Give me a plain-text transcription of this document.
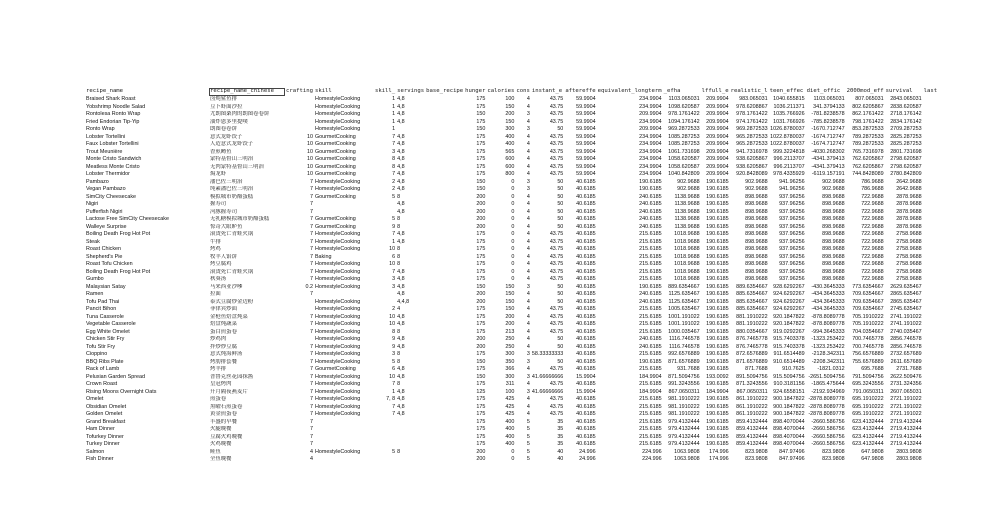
recipe_name	recipe_name_chinese	crafting	skill	skill_	servings	base_recipe	hunger	calories	cons	instant_e	aftereffe	equivalent_longterm	_efha	lffull_e	realistic_l	teen_effec	diet_offic	2000mod_eff	survival	last
Braised Shark Roast	卤炖鲨鱼排		HomestyleCooking	1	4,8		175	100	4	43.75	59.9904	234.9904	1103.065031	209.9904	983.065031	1040.655815	1103.065031	807.065031	2843.065031	
Yobshrimp Noodle Salad	豆卜虾面沙拉		HomestyleCooking	1	4,8		175	150	4	43.75	59.9904	234.9904	1098.620587	209.9904	978.6208867	1036.211371	341.3794133	802.6205867	2838.620587	
Rontolesa Ronto Wrap	尤朗图桑肉的朗图卷卷饼		HomestyleCooking	1	4,8		150	200	3	43.75	59.9904	209.9904	978.1761422	209.9904	978.1761422	1035.766926	-781.8238578	862.1761422	2718.176142	
Fried Endorian Tip-Yip	油炸恩多里提噗		HomestyleCooking	1	4,8		175	150	4	43.75	59.9904	234.9904	1094.176142	209.9904	974.1761422	1031.766926	-785.8238578	798.1761422	2834.176142	
Ronto Wrap	朗图卷卷饼		HomestyleCooking	1			150	300	3	50	59.9904	209.9904	969.2872533	209.9904	969.2872533	1026.8780037	-1670.712747	853.2872533	2709.287253	
Lobster Tortellini	意式龙虾饺子	10	GourmetCooking	7	4,8		175	400	4	43.75	59.9904	234.9904	1085.287253	209.9904	965.2872533	1022.8780037	-1674.712747	789.2872533	2825.287253	
Faux Lobster Tortellini	人造意式龙虾饺子	10	GourmetCooking	7	4,8		175	400	4	43.75	59.9904	234.9904	1085.287253	209.9904	965.2872533	1022.8780037	-1674.712747	789.2872533	2825.287253	
Trout Meunière	香煎鳟鱼	10	GourmetCooking	3	4,8		175	565	4	43.75	59.9904	234.9904	1061.731698	209.9904	941.7316978	999.3224818	-4030.268302	765.7316978	2801.731698	
Monte Cristo Sandwich	蒙特基督山三明治	10	GourmetCooking	8	4,8		175	600	4	43.75	59.9904	234.9904	1058.620587	209.9904	938.6205867	996.2113707	-4341.379413	762.6205867	2798.620587	
Meatless Monte Cristo	无肉蒙特基督山三明治	10	GourmetCooking	8	4,8		175	600	4	43.75	59.9904	234.9904	1058.620587	209.9904	938.6205867	996.2113707	-4341.379413	762.6205867	2798.620587	
Lobster Thermidor	焗龙虾	10	GourmetCooking	7	4,8		175	800	4	43.75	59.9904	234.9904	1040.842809	209.9904	920.8428089	978.4335929	-6119.157191	744.8428089	2780.842809	
Pambazo	潘巴佐三明治	7	HomestyleCooking	2	4,8		150	0	3	50	40.6185	190.6185	902.9688	190.6185	902.9688	941.96256	902.9688	786.9688	2642.9688	
Vegan Pambazo	纯素潘巴佐三明治	7	HomestyleCooking	2	4,8		150	0	3	50	40.6185	190.6185	902.9688	190.6185	902.9688	941.96256	902.9688	786.9688	2642.9688	
SimCity Cheesecake	模拟城市奶酪蛋糕	7	GourmetCooking	5	8		200	0	4	50	40.6185	240.6185	1138.9688	190.6185	898.9688	937.96256	898.9688	722.9688	2878.9688	
Nigiri	握寿司	7			4,8		200	0	4	50	40.6185	240.6185	1138.9688	190.6185	898.9688	937.96256	898.9688	722.9688	2878.9688	
Pufferfish Nigiri	河豚握寿司	7			4,8		200	0	4	50	40.6185	240.6185	1138.9688	190.6185	898.9688	937.96256	898.9688	722.9688	2878.9688	
Lactose Free SimCity Cheesecake	无乳糖模拟城市奶酪蛋糕	7	GourmetCooking	5	8		200	0	4	50	40.6185	240.6185	1138.9688	190.6185	898.9688	937.96256	898.9688	722.9688	2878.9688	
Walleye Surprise	惊奇大眼鲈鱼	7	GourmetCooking	9	8		200	0	4	50	40.6185	240.6185	1138.9688	190.6185	898.9688	937.96256	898.9688	722.9688	2878.9688	
Boiling Death Frog Hot Pot	滚烫死亡青蛙火锅	7	HomestyleCooking	7	4,8		175	0	4	43.75	40.6185	215.6185	1018.9688	190.6185	898.9688	937.96256	898.9688	722.9688	2758.9688	
Steak	牛排	7	HomestyleCooking	1	4,8		175	0	4	43.75	40.6185	215.6185	1018.9688	190.6185	898.9688	937.96256	898.9688	722.9688	2758.9688	
Roast Chicken	烤鸡	7	HomestyleCooking	10	8		175	0	4	43.75	40.6185	215.6185	1018.9688	190.6185	898.9688	937.96256	898.9688	722.9688	2758.9688	
Shepherd's Pie	牧羊人馅饼	7	Baking	6	8		175	0	4	43.75	40.6185	215.6185	1018.9688	190.6185	898.9688	937.96256	898.9688	722.9688	2758.9688	
Roast Tofu Chicken	烤豆腐鸡	7	HomestyleCooking	10	8		175	0	4	43.75	40.6185	215.6185	1018.9688	190.6185	898.9688	937.96256	898.9688	722.9688	2758.9688	
Boiling Death Frog Hot Pot	滚烫死亡青蛙火锅	7	HomestyleCooking	7	4,8		175	0	4	43.75	40.6185	215.6185	1018.9688	190.6185	898.9688	937.96256	898.9688	722.9688	2758.9688	
Gumbo	秋葵汤	7	HomestyleCooking	3	4,8		175	0	4	43.75	40.6185	215.6185	1018.9688	190.6185	898.9688	937.96256	898.9688	722.9688	2758.9688	
Malaysian Satay	马来西亚沙嗲	0.2	HomestyleCooking	3	4,8		150	150	3	50	40.6185	190.6185	889.6354667	190.6185	889.6354667	928.6292267	-430.3645333	773.6354667	2629.635467	
Ramen	拉面	7			4,8		200	150	4	50	40.6185	240.6185	1125.635467	190.6185	885.6354667	924.6292267	-434.3645333	709.6354667	2865.635467	
Tofu Pad Thai	泰式豆腐炒金边粉		HomestyleCooking		4,4,8		200	150	4	50	40.6185	240.6185	1125.635467	190.6185	885.6354667	924.6292267	-434.3645333	709.6354667	2865.635467	
Pancit Bihon	菲律宾炒面		HomestyleCooking	2	4		175	150	4	43.75	40.6185	215.6185	1005.635467	190.6185	885.6354667	924.6292267	-434.3645333	709.6354667	2745.635467	
Tuna Casserole	金枪鱼焙盘炖菜	7	HomestyleCooking	10	4,8		175	200	4	43.75	40.6185	215.6185	1001.191022	190.6185	881.1910222	920.1847822	-878.8089778	705.1910222	2741.191022	
Vegetable Casserole	焙盘炖蔬菜	7	HomestyleCooking	10	4,8		175	200	4	43.75	40.6185	215.6185	1001.191022	190.6185	881.1910222	920.1847822	-878.8089778	705.1910222	2741.191022	
Egg White Omelet	蛋白煎蛋卷	7	HomestyleCooking	8	8		175	213	4	43.75	40.6185	215.6185	1000.035467	190.6185	880.0354667	919.0292267	-994.3645333	704.0354667	2740.035467	
Chicken Stir Fry	炒鸡肉		HomestyleCooking	9	4,8		200	250	4	50	40.6185	240.6185	1116.746578	190.6185	876.7465778	915.7403378	-1323.253422	700.7465778	2856.746578	
Tofu Stir Fry	拌炒炒豆腐	7	HomestyleCooking	9	4,8		200	250	4	50	40.6185	240.6185	1116.746578	190.6185	876.7465778	915.7403378	-1323.253422	700.7465778	2856.746578	
Cioppino	意式炖海鲜汤	7	HomestyleCooking	3	8		175	300	3	58.33333333	40.6185	215.6185	992.6576889	190.6185	872.6576889	911.6514489	-2128.342311	756.6576889	2732.657689	
BBQ Ribs Plate	烤肋排套餐	7	HomestyleCooking	5	8		150	350	3	50	40.6185	190.6185	871.6576889	190.6185	871.6576889	910.6514489	-2208.342311	755.6576889	2611.657689	
Rack of Lamb	烤羊排	7	GourmetCooking	6	4,8		175	366	4	43.75	40.6185	215.6185	931.7688	190.6185	871.7688	910.7625	-1821.0312	695.7688	2731.7688	
Peluxian Garden Spread	普鲁克丝花园抹酱	7	HomestyleCooking	10	4,8		150	300	3	41.66666666	15.9904	184.9904	871.5094756	193.0092	891.5094756	915.5094756	-2651.5094756	791.5094756	2622.509476	
Crown Roast	皇冠烤肉	7	HomestyleCooking	7	8		175	311	4	43.75	40.6185	215.6185	991.3243556	190.6185	871.3243556	910.3181156	-1865.475644	695.3243556	2731.324356	
Rising Moons Overnight Oats	升月隔夜燕麦片	7	HomestyleCooking	1	4,8		125	100	3	41.66666666	15.9904	184.9904	867.0650311	184.9904	867.0650311	924.6558151	-2192.934969	791.0650311	2607.065031	
Omelet	煎蛋卷	7	HomestyleCooking	7, 8	4,8		175	425	4	43.75	40.6185	215.6185	981.1910222	190.6185	861.1910222	900.1847822	-2878.8089778	695.1910222	2721.191022	
Obsidian Omelet	黑曜石煎蛋卷	7	HomestyleCooking	7	4,8		175	425	4	43.75	40.6185	215.6185	981.1910222	190.6185	861.1910222	900.1847822	-2878.8089778	695.1910222	2721.191022	
Golden Omelet	黄金煎蛋卷	7	HomestyleCooking	7	4,8		175	425	4	43.75	40.6185	215.6185	981.1910222	190.6185	861.1910222	900.1847822	-2878.8089778	695.1910222	2721.191022	
Grand Breakfast	丰盛的早餐	7					175	400	5	35	40.6185	215.6185	979.4132444	190.6185	859.4132444	898.4070044	-2660.586756	623.4132444	2719.413244	
Ham Dinner	火腿晚餐	7					175	400	5	35	40.6185	215.6185	979.4132444	190.6185	859.4132444	898.4070044	-2660.586756	623.4132444	2719.413244	
Tofurkey Dinner	豆腐火鸡晚餐	7					175	400	5	35	40.6185	215.6185	979.4132444	190.6185	859.4132444	898.4070044	-2660.586756	623.4132444	2719.413244	
Turkey Dinner	火鸡晚餐	7					175	400	5	35	40.6185	215.6185	979.4132444	190.6185	859.4132444	898.4070044	-2660.586756	623.4132444	2719.413244	
Salmon	鲑鱼	4	HomestyleCooking	5	8		200	0	5	40	24.996	224.996	1063.9808	174.996	823.9808	847.97496	823.9808	647.9808	2803.9808	
Fish Dinner	全鱼晚餐	4					200	0	5	40	24.996	224.996	1063.9808	174.996	823.9808	847.97496	823.9808	647.9808	2803.9808	
